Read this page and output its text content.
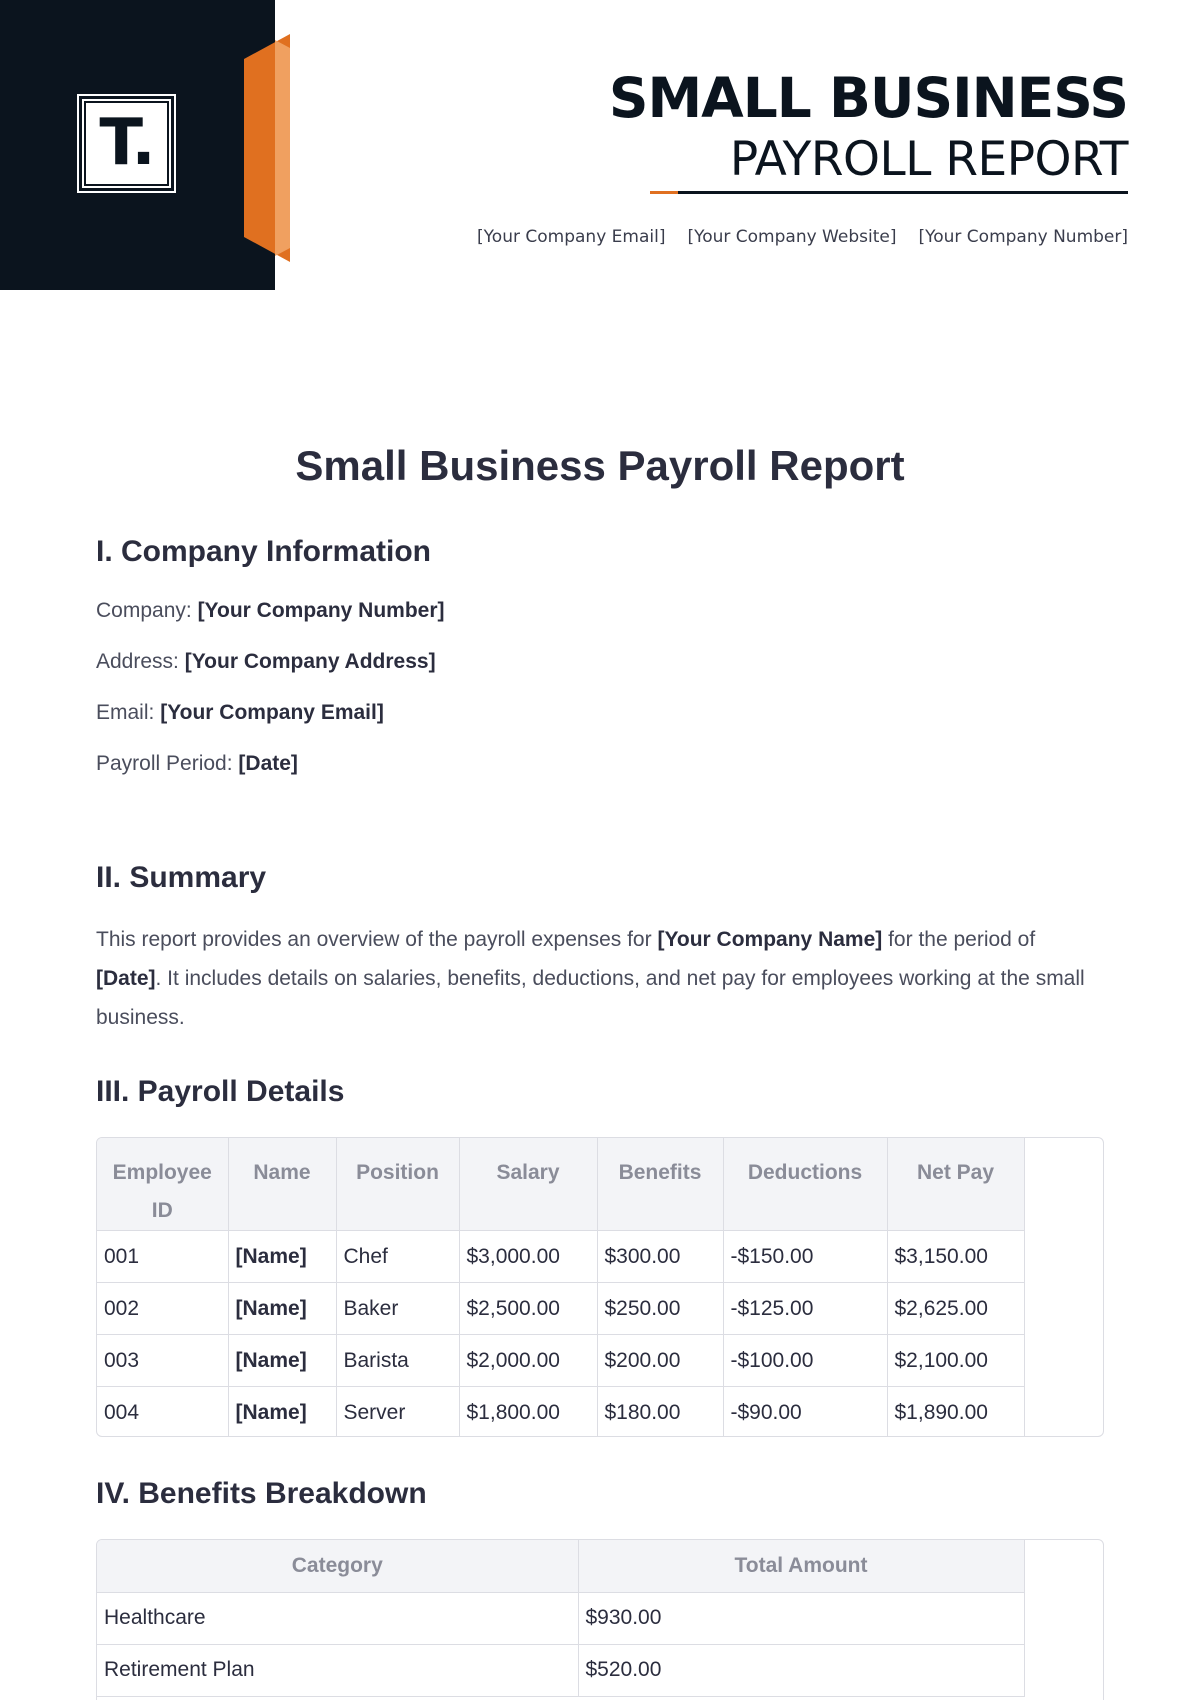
T.
SMALL BUSINESS
PAYROLL REPORT
[Your Company Email] [Your Company Website] [Your Company Number]
Small Business Payroll Report
I. Company Information
Company: [Your Company Number]
Address: [Your Company Address]
Email: [Your Company Email]
Payroll Period: [Date]
II. Summary
This report provides an overview of the payroll expenses for [Your Company Name] for the period of [Date]. It includes details on salaries, benefits, deductions, and net pay for employees working at the small business.
III. Payroll Details
Employee ID	Name	Position	Salary	Benefits	Deductions	Net Pay
001	[Name]	Chef	$3,000.00	$300.00	-$150.00	$3,150.00
002	[Name]	Baker	$2,500.00	$250.00	-$125.00	$2,625.00
003	[Name]	Barista	$2,000.00	$200.00	-$100.00	$2,100.00
004	[Name]	Server	$1,800.00	$180.00	-$90.00	$1,890.00
IV. Benefits Breakdown
Category	Total Amount
Healthcare	$930.00
Retirement Plan	$520.00
